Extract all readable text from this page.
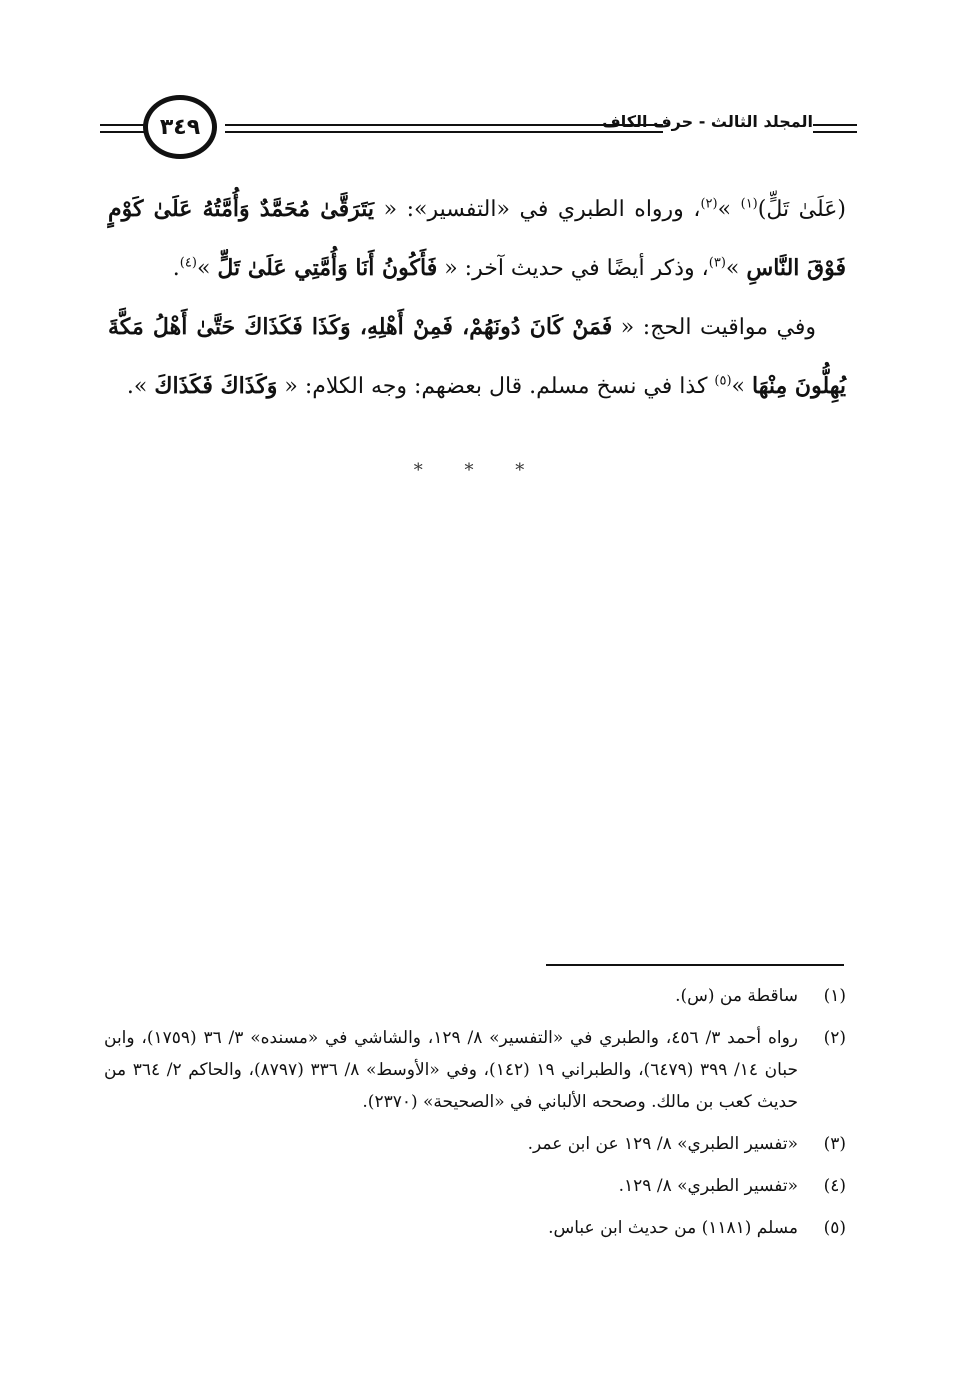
٣٤٩	المجلد الثالث - حرف الكاف

(عَلَىٰ تَلٍّ)$^{(١)}$ »$^{(٢)}$، ورواه الطبري في «التفسير»: « يَتَرَقَّىٰ مُحَمَّدٌ وَأُمَّتُهُ عَلَىٰ كَوْمٍ فَوْقَ النَّاسِ »$^{(٣)}$، وذكر أيضًا في حديث آخر: « فَأَكُونُ أَنَا وَأُمَّتِي عَلَىٰ تَلٍّ »$^{(٤)}$.

وفي مواقيت الحج: « فَمَنْ كَانَ دُونَهُمْ، فَمِنْ أَهْلِهِ، وَكَذَا فَكَذَاكَ حَتَّىٰ أَهْلُ مَكَّةَ يُهِلُّونَ مِنْهَا »$^{(٥)}$ كذا في نسخ مسلم. قال بعضهم: وجه الكلام: « وَكَذَاكَ فَكَذَاكَ ».

* * *
(١)
ساقطة من (س).
(٢)
رواه أحمد ٣/ ٤٥٦، والطبري في «التفسير» ٨/ ١٢٩، والشاشي في «مسنده» ٣/ ٣٦ (١٧٥٩)، وابن حبان ١٤/ ٣٩٩ (٦٤٧٩)، والطبراني ١٩ (١٤٢)، وفي «الأوسط» ٨/ ٣٣٦ (٨٧٩٧)، والحاكم ٢/ ٣٦٤ من حديث كعب بن مالك. وصححه الألباني في «الصحيحة» (٢٣٧٠).
(٣)
«تفسير الطبري» ٨/ ١٢٩ عن ابن عمر.
(٤)
«تفسير الطبري» ٨/ ١٢٩.
(٥)
مسلم (١١٨١) من حديث ابن عباس.
